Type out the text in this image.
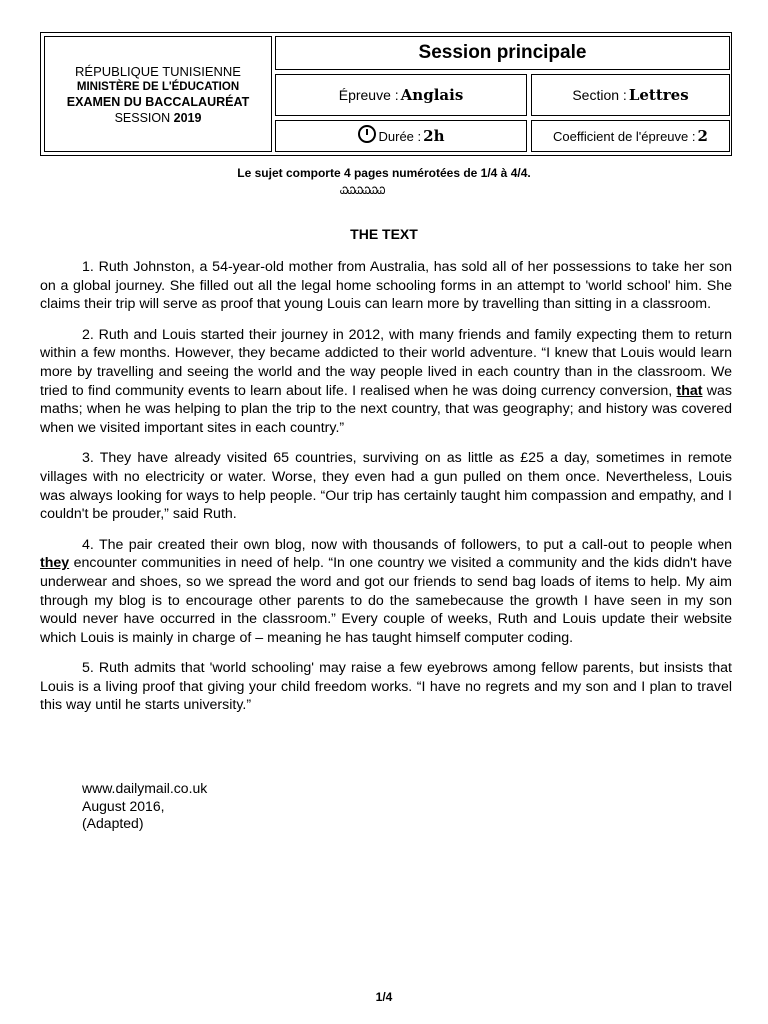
RÉPUBLIQUE TUNISIENNE
MINISTÈRE DE L'ÉDUCATION
EXAMEN DU BACCALAURÉAT
SESSION 2019
Session principale
Épreuve : Anglais	Section : Lettres
Durée : 2h	Coefficient de l'épreuve : 2
Le sujet comporte 4 pages numérotées de 1/4 à 4/4.
ᏇᏇᏇᏇᏇᏇ
THE TEXT

1. Ruth Johnston, a 54-year-old mother from Australia, has sold all of her possessions to take her son on a global journey. She filled out all the legal home schooling forms in an attempt to 'world school' him. She claims their trip will serve as proof that young Louis can learn more by travelling than sitting in a classroom.

2. Ruth and Louis started their journey in 2012, with many friends and family expecting them to return within a few months. However, they became addicted to their world adventure. “I knew that Louis would learn more by travelling and seeing the world and the way people lived in each country than in the classroom. We tried to find community events to learn about life. I realised when he was doing currency conversion, that was maths; when he was helping to plan the trip to the next country, that was geography; and history was covered when we visited important sites in each country.”

3. They have already visited 65 countries, surviving on as little as £25 a day, sometimes in remote villages with no electricity or water. Worse, they even had a gun pulled on them once. Nevertheless, Louis was always looking for ways to help people. “Our trip has certainly taught him compassion and empathy, and I couldn't be prouder,” said Ruth.

4. The pair created their own blog, now with thousands of followers, to put a call-out to people when they encounter communities in need of help. “In one country we visited a community and the kids didn't have underwear and shoes, so we spread the word and got our friends to send bag loads of items to help. My aim through my blog is to encourage other parents to do the samebecause the growth I have seen in my son would never have occurred in the classroom.” Every couple of weeks, Ruth and Louis update their website which Louis is mainly in charge of – meaning he has taught himself computer coding.

5. Ruth admits that 'world schooling' may raise a few eyebrows among fellow parents, but insists that Louis is a living proof that giving your child freedom works. “I have no regrets and my son and I plan to travel this way until he starts university.”

www.dailymail.co.uk
August 2016,
(Adapted)
1/4
